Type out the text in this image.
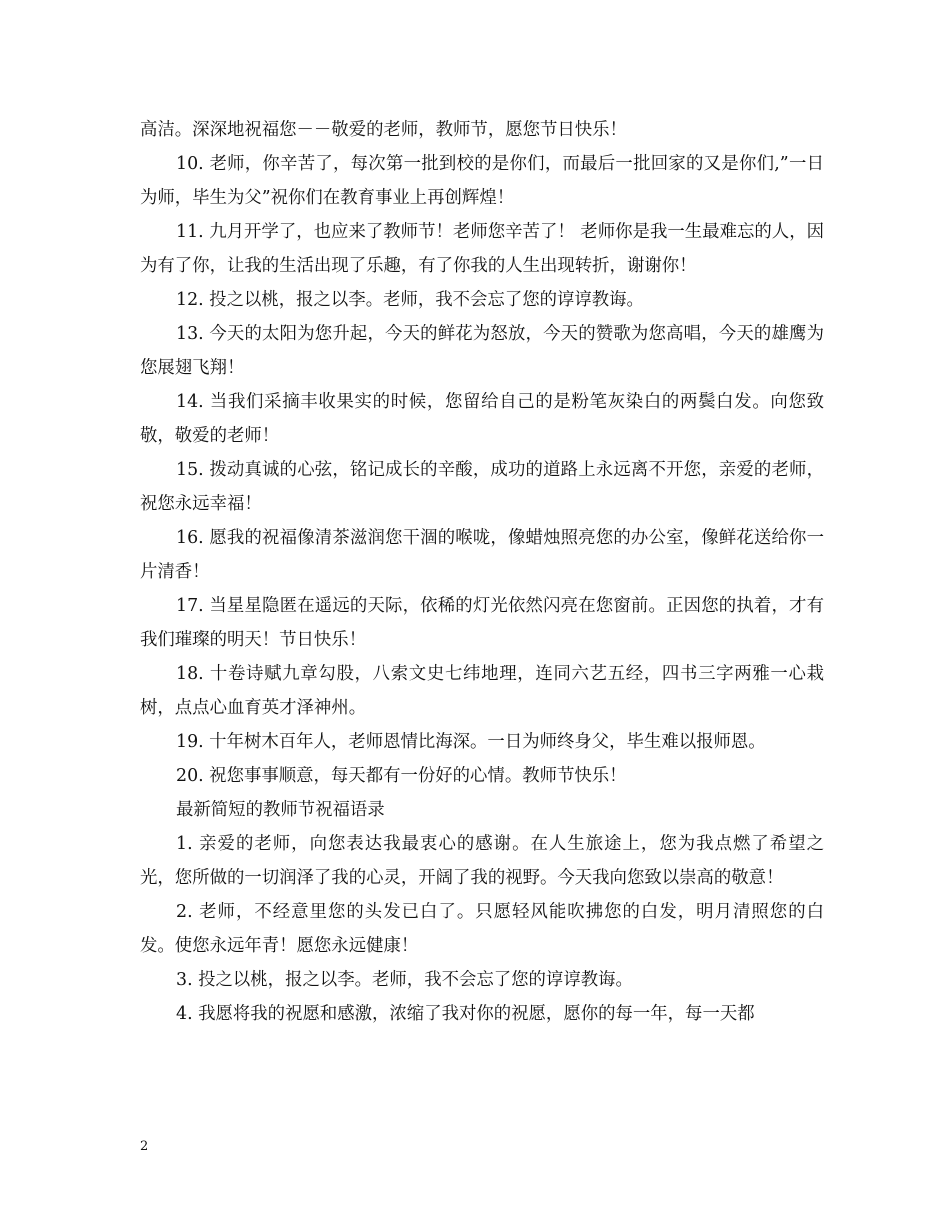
高洁。深深地祝福您－－敬爱的老师，教师节，愿您节日快乐！

10. 老师，你辛苦了，每次第一批到校的是你们，而最后一批回家的又是你们,”一日为师，毕生为父”祝你们在教育事业上再创辉煌！

11. 九月开学了，也应来了教师节！老师您辛苦了！ 老师你是我一生最难忘的人，因为有了你，让我的生活出现了乐趣，有了你我的人生出现转折，谢谢你！

12. 投之以桃，报之以李。老师，我不会忘了您的谆谆教诲。

13. 今天的太阳为您升起，今天的鲜花为怒放，今天的赞歌为您高唱，今天的雄鹰为您展翅飞翔！

14. 当我们采摘丰收果实的时候，您留给自己的是粉笔灰染白的两鬓白发。向您致敬，敬爱的老师！

15. 拨动真诚的心弦，铭记成长的辛酸，成功的道路上永远离不开您，亲爱的老师，祝您永远幸福！

16. 愿我的祝福像清茶滋润您干涸的喉咙，像蜡烛照亮您的办公室，像鲜花送给你一片清香！

17. 当星星隐匿在遥远的天际，依稀的灯光依然闪亮在您窗前。正因您的执着，才有我们璀璨的明天！节日快乐！

18. 十卷诗赋九章勾股，八索文史七纬地理，连同六艺五经，四书三字两雅一心栽树，点点心血育英才泽神州。

19. 十年树木百年人，老师恩情比海深。一日为师终身父，毕生难以报师恩。

20. 祝您事事顺意，每天都有一份好的心情。教师节快乐！

最新简短的教师节祝福语录

1. 亲爱的老师，向您表达我最衷心的感谢。在人生旅途上，您为我点燃了希望之光，您所做的一切润泽了我的心灵，开阔了我的视野。今天我向您致以崇高的敬意！

2. 老师，不经意里您的头发已白了。只愿轻风能吹拂您的白发，明月清照您的白发。使您永远年青！愿您永远健康！

3. 投之以桃，报之以李。老师，我不会忘了您的谆谆教诲。

4. 我愿将我的祝愿和感激，浓缩了我对你的祝愿，愿你的每一年，每一天都

2
